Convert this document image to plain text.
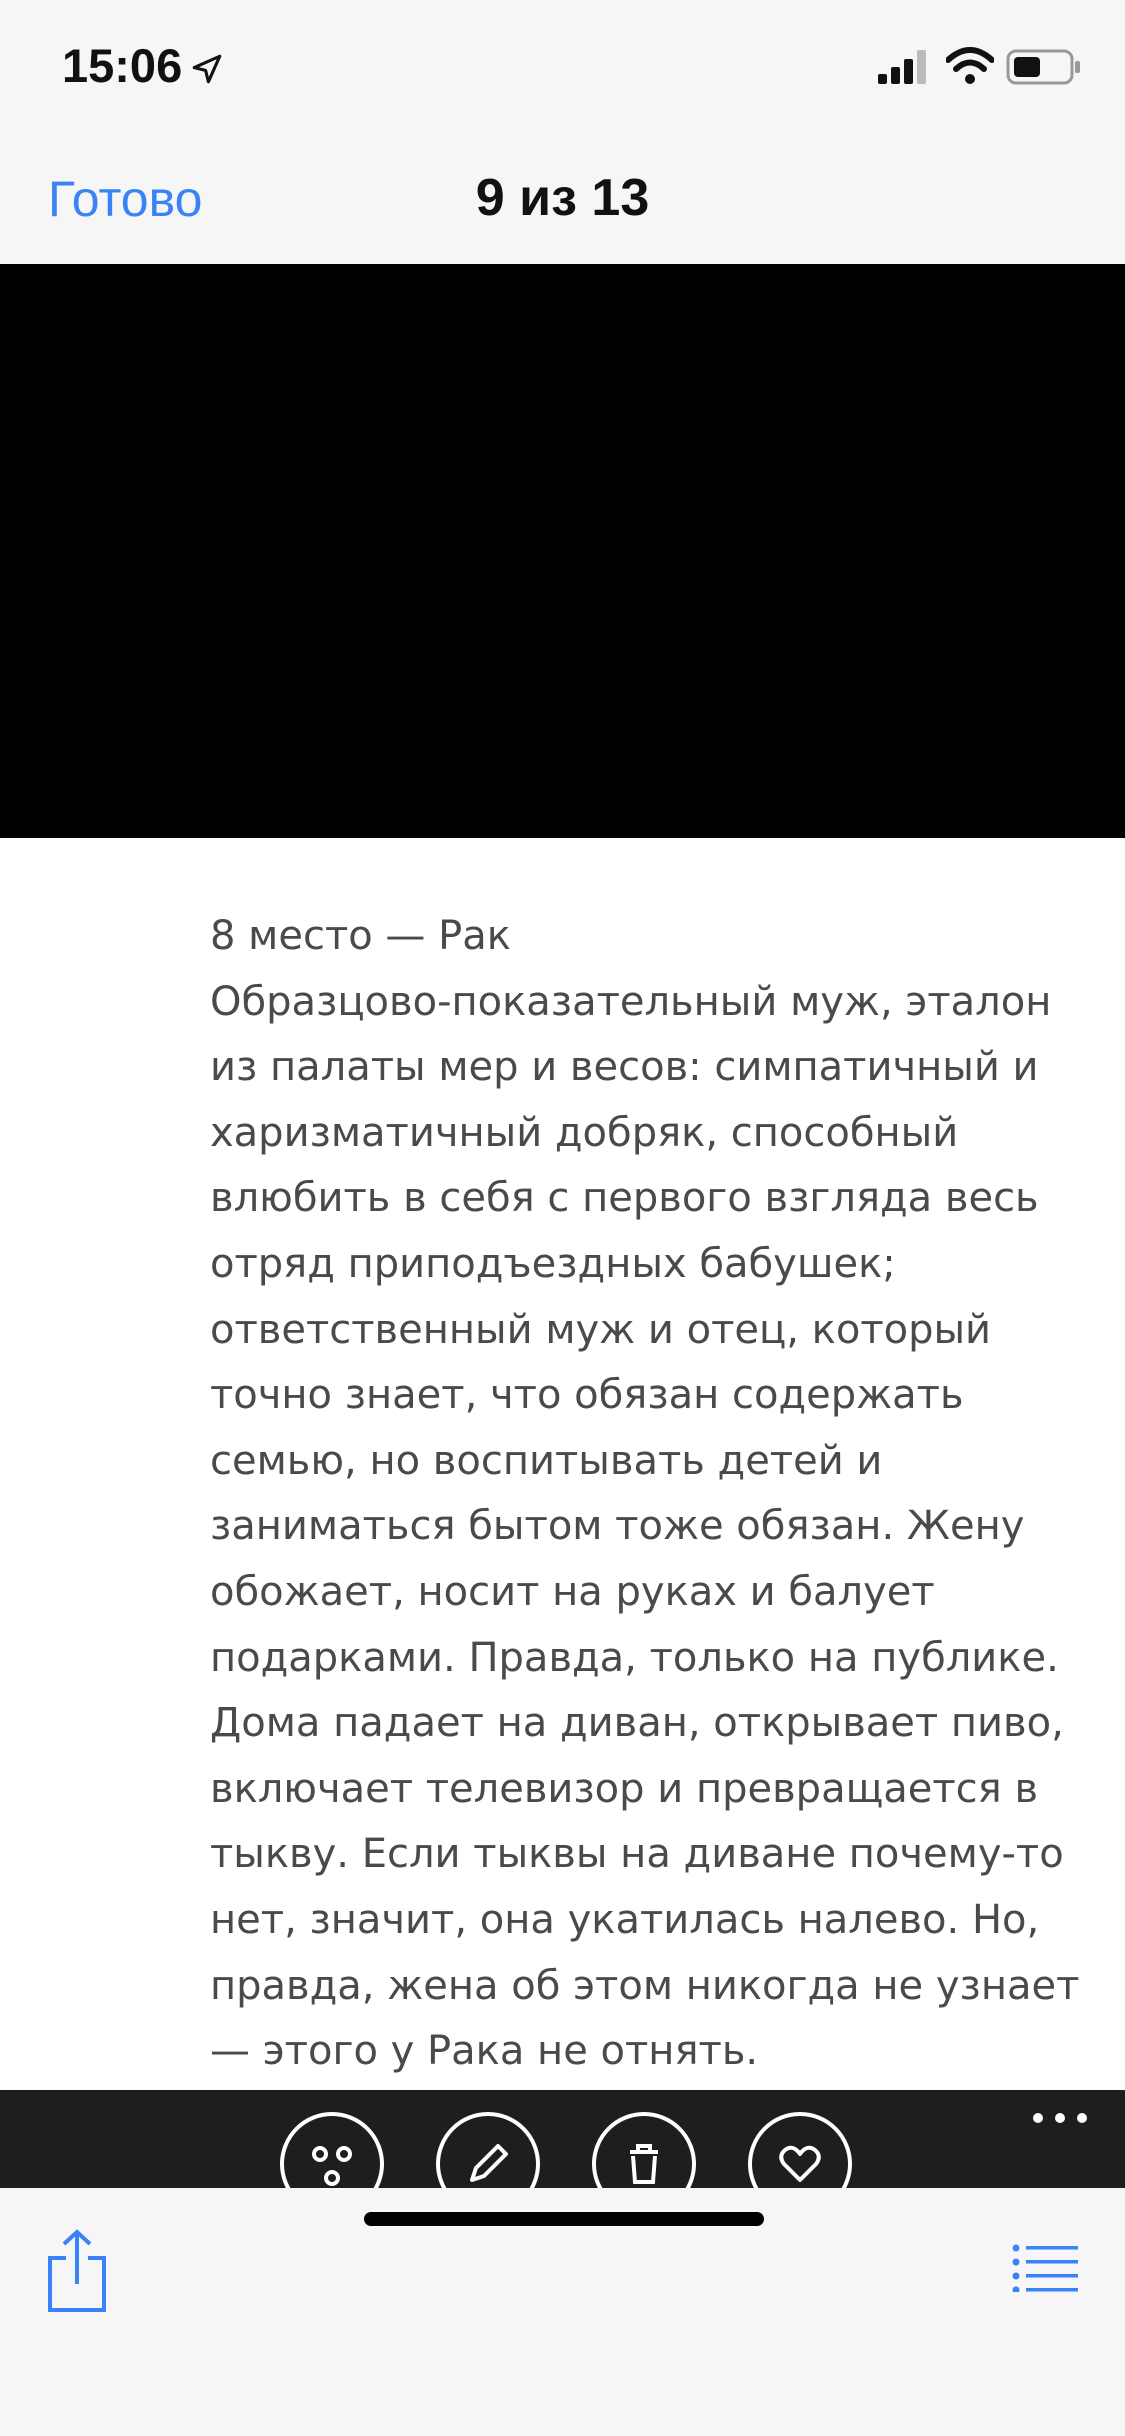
15:06
Готово	9 из 13
8 место — Рак
Образцово-показательный муж, эталон
из палаты мер и весов: симпатичный и
харизматичный добряк, способный
влюбить в себя с первого взгляда весь
отряд приподъездных бабушек;
ответственный муж и отец, который
точно знает, что обязан содержать
семью, но воспитывать детей и
заниматься бытом тоже обязан. Жену
обожает, носит на руках и балует
подарками. Правда, только на публике.
Дома падает на диван, открывает пиво,
включает телевизор и превращается в
тыкву. Если тыквы на диване почему-то
нет, значит, она укатилась налево. Но,
правда, жена об этом никогда не узнает
— этого у Рака не отнять.
